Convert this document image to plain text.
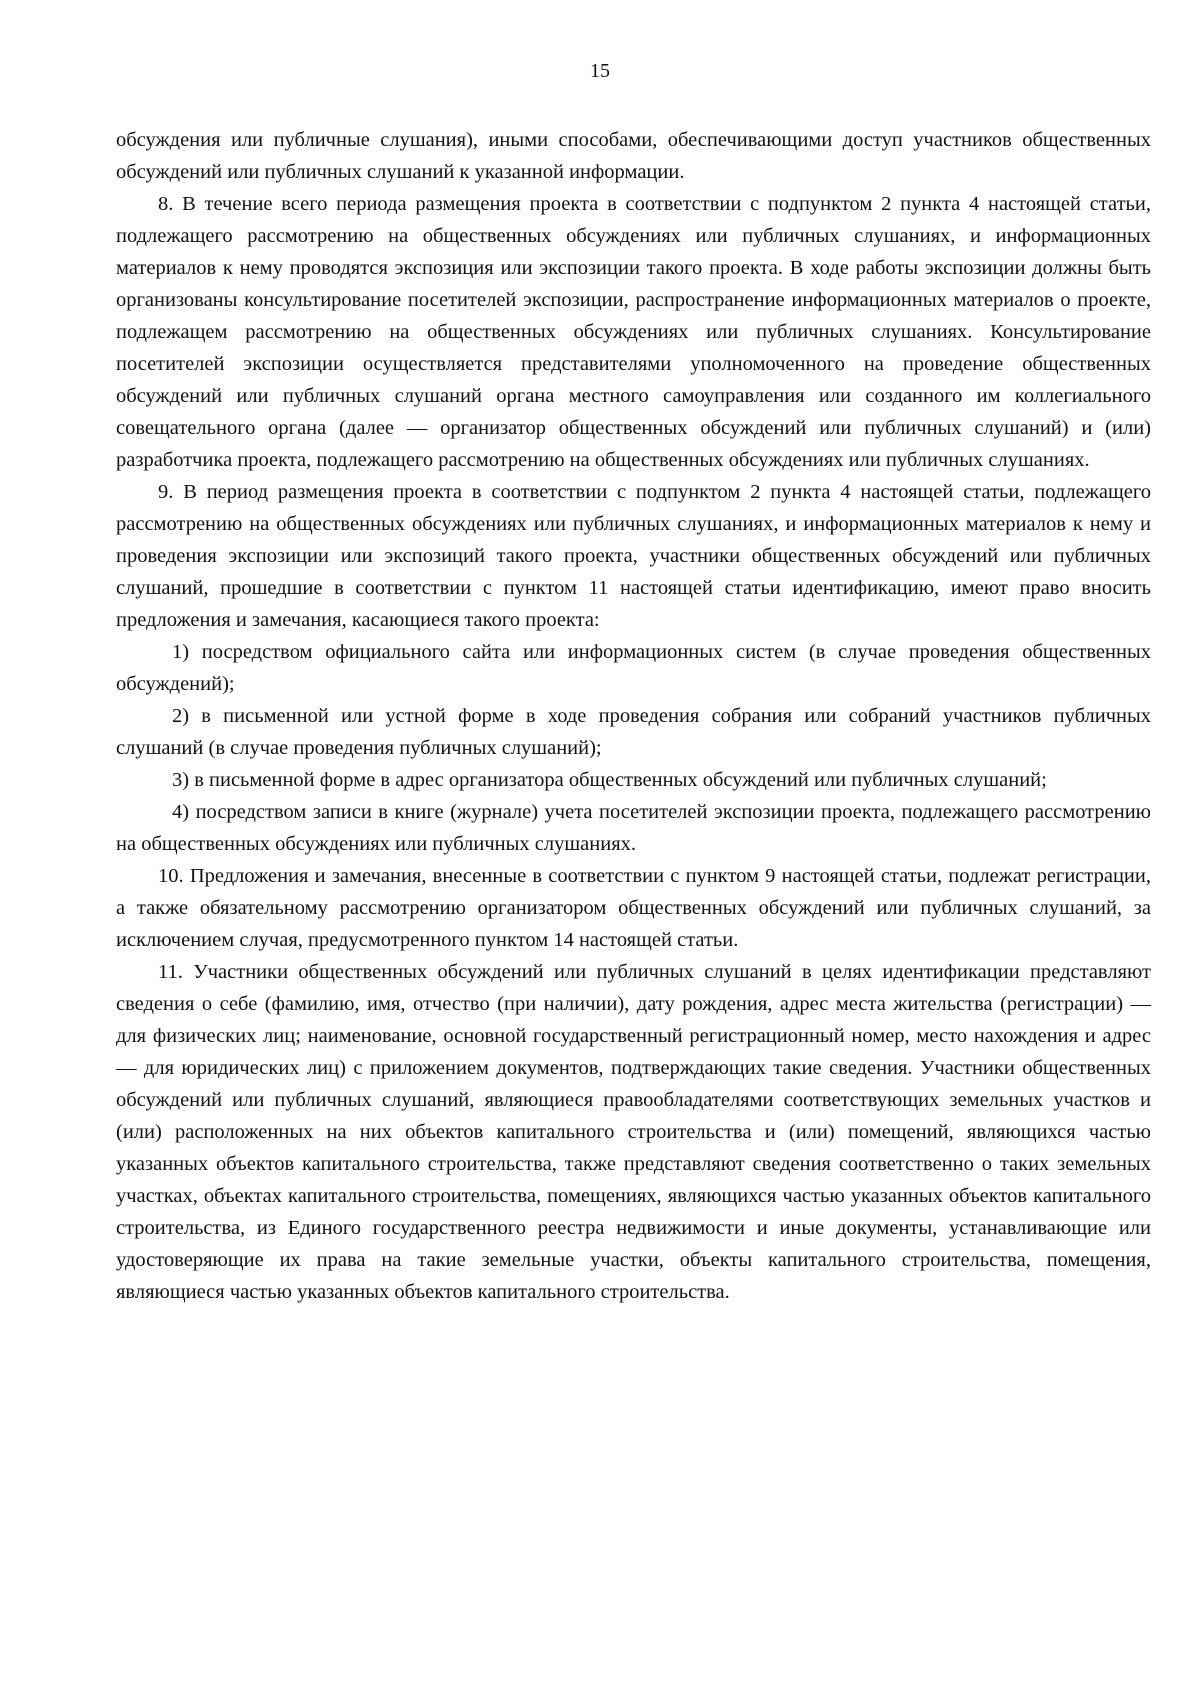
15

обсуждения или публичные слушания), иными способами, обеспечивающими доступ участников общественных обсуждений или публичных слушаний к указанной информации.

8. В течение всего периода размещения проекта в соответствии с подпунктом 2 пункта 4 настоящей статьи, подлежащего рассмотрению на общественных обсуждениях или публичных слушаниях, и информационных материалов к нему проводятся экспозиция или экспозиции такого проекта. В ходе работы экспозиции должны быть организованы консультирование посетителей экспозиции, распространение информационных материалов о проекте, подлежащем рассмотрению на общественных обсуждениях или публичных слушаниях. Консультирование посетителей экспозиции осуществляется представителями уполномоченного на проведение общественных обсуждений или публичных слушаний органа местного самоуправления или созданного им коллегиального совещательного органа (далее — организатор общественных обсуждений или публичных слушаний) и (или) разработчика проекта, подлежащего рассмотрению на общественных обсуждениях или публичных слушаниях.

9. В период размещения проекта в соответствии с подпунктом 2 пункта 4 настоящей статьи, подлежащего рассмотрению на общественных обсуждениях или публичных слушаниях, и информационных материалов к нему и проведения экспозиции или экспозиций такого проекта, участники общественных обсуждений или публичных слушаний, прошедшие в соответствии с пунктом 11 настоящей статьи идентификацию, имеют право вносить предложения и замечания, касающиеся такого проекта:

1) посредством официального сайта или информационных систем (в случае проведения общественных обсуждений);

2) в письменной или устной форме в ходе проведения собрания или собраний участников публичных слушаний (в случае проведения публичных слушаний);

3) в письменной форме в адрес организатора общественных обсуждений или публичных слушаний;

4) посредством записи в книге (журнале) учета посетителей экспозиции проекта, подлежащего рассмотрению на общественных обсуждениях или публичных слушаниях.

10. Предложения и замечания, внесенные в соответствии с пунктом 9 настоящей статьи, подлежат регистрации, а также обязательному рассмотрению организатором общественных обсуждений или публичных слушаний, за исключением случая, предусмотренного пунктом 14 настоящей статьи.

11. Участники общественных обсуждений или публичных слушаний в целях идентификации представляют сведения о себе (фамилию, имя, отчество (при наличии), дату рождения, адрес места жительства (регистрации) — для физических лиц; наименование, основной государственный регистрационный номер, место нахождения и адрес — для юридических лиц) с приложением документов, подтверждающих такие сведения. Участники общественных обсуждений или публичных слушаний, являющиеся правообладателями соответствующих земельных участков и (или) расположенных на них объектов капитального строительства и (или) помещений, являющихся частью указанных объектов капитального строительства, также представляют сведения соответственно о таких земельных участках, объектах капитального строительства, помещениях, являющихся частью указанных объектов капитального строительства, из Единого государственного реестра недвижимости и иные документы, устанавливающие или удостоверяющие их права на такие земельные участки, объекты капитального строительства, помещения, являющиеся частью указанных объектов капитального строительства.
